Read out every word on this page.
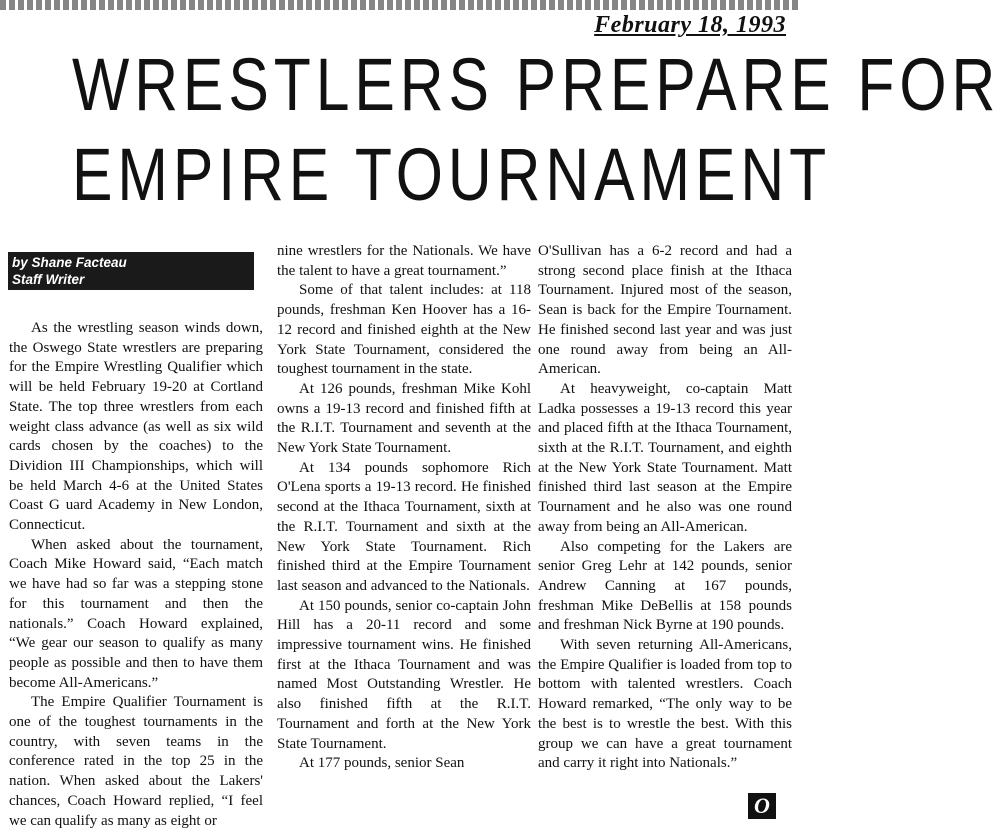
February 18, 1993
WRESTLERS PREPARE FOR
EMPIRE TOURNAMENT
by Shane Facteau
Staff Writer

As the wrestling season winds down, the Oswego State wrestlers are preparing for the Empire Wrestling Qualifier which will be held February 19-20 at Cortland State. The top three wrestlers from each weight class advance (as well as six wild cards chosen by the coaches) to the Dividion III Championships, which will be held March 4-6 at the United States Coast G uard Academy in New London, Connecticut.

When asked about the tournament, Coach Mike Howard said, “Each match we have had so far was a stepping stone for this tournament and then the nationals.” Coach Howard explained, “We gear our season to qualify as many people as possible and then to have them become All-Americans.”

The Empire Qualifier Tournament is one of the toughest tournaments in the country, with seven teams in the conference rated in the top 25 in the nation. When asked about the Lakers' chances, Coach Howard replied, “I feel we can qualify as many as eight or

nine wrestlers for the Nationals. We have the talent to have a great tournament.”

Some of that talent includes: at 118 pounds, freshman Ken Hoover has a 16-12 record and finished eighth at the New York State Tournament, considered the toughest tournament in the state.

At 126 pounds, freshman Mike Kohl owns a 19-13 record and finished fifth at the R.I.T. Tournament and seventh at the New York State Tournament.

At 134 pounds sophomore Rich O'Lena sports a 19-13 record. He finished second at the Ithaca Tournament, sixth at the R.I.T. Tournament and sixth at the New York State Tournament. Rich finished third at the Empire Tournament last season and advanced to the Nationals.

At 150 pounds, senior co-captain John Hill has a 20-11 record and some impressive tournament wins. He finished first at the Ithaca Tournament and was named Most Outstanding Wrestler. He also finished fifth at the R.I.T. Tournament and forth at the New York State Tournament.

At 177 pounds, senior Sean

O'Sullivan has a 6-2 record and had a strong second place finish at the Ithaca Tournament. Injured most of the season, Sean is back for the Empire Tournament. He finished second last year and was just one round away from being an All-American.

At heavyweight, co-captain Matt Ladka possesses a 19-13 record this year and placed fifth at the Ithaca Tournament, sixth at the R.I.T. Tournament, and eighth at the New York State Tournament. Matt finished third last season at the Empire Tournament and he also was one round away from being an All-American.

Also competing for the Lakers are senior Greg Lehr at 142 pounds, senior Andrew Canning at 167 pounds, freshman Mike DeBellis at 158 pounds and freshman Nick Byrne at 190 pounds.

With seven returning All-Americans, the Empire Qualifier is loaded from top to bottom with talented wrestlers. Coach Howard remarked, “The only way to be the best is to wrestle the best. With this group we can have a great tournament and carry it right into Nationals.”

O
